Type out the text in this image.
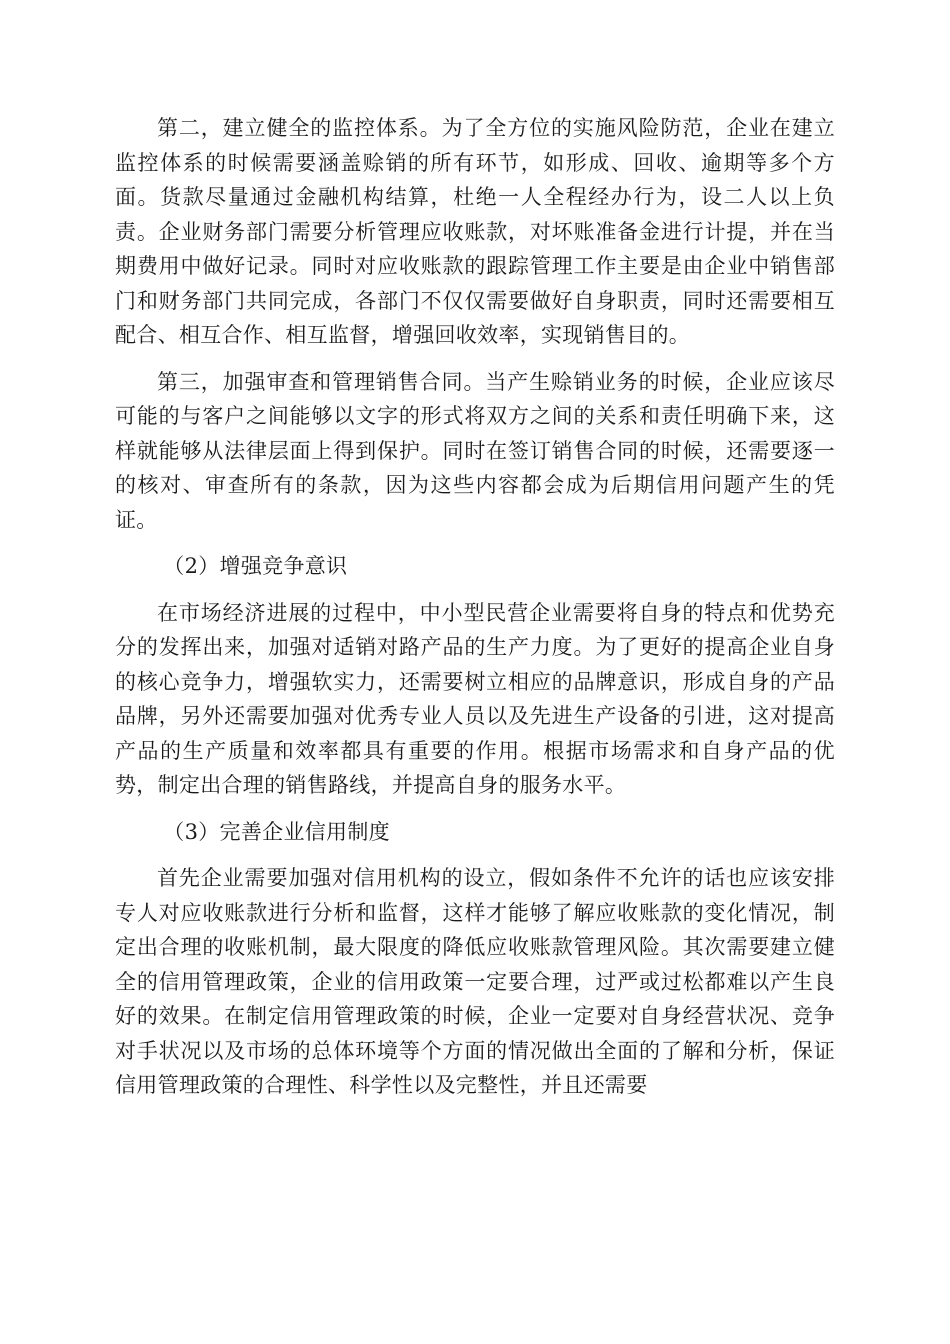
第二，建立健全的监控体系。为了全方位的实施风险防范，企业在建立监控体系的时候需要涵盖赊销的所有环节，如形成、回收、逾期等多个方面。货款尽量通过金融机构结算，杜绝一人全程经办行为，设二人以上负责。企业财务部门需要分析管理应收账款，对坏账准备金进行计提，并在当期费用中做好记录。同时对应收账款的跟踪管理工作主要是由企业中销售部门和财务部门共同完成，各部门不仅仅需要做好自身职责，同时还需要相互配合、相互合作、相互监督，增强回收效率，实现销售目的。

第三，加强审查和管理销售合同。当产生赊销业务的时候，企业应该尽可能的与客户之间能够以文字的形式将双方之间的关系和责任明确下来，这样就能够从法律层面上得到保护。同时在签订销售合同的时候，还需要逐一的核对、审查所有的条款，因为这些内容都会成为后期信用问题产生的凭证。

（2）增强竞争意识

在市场经济进展的过程中，中小型民营企业需要将自身的特点和优势充分的发挥出来，加强对适销对路产品的生产力度。为了更好的提高企业自身的核心竞争力，增强软实力，还需要树立相应的品牌意识，形成自身的产品品牌，另外还需要加强对优秀专业人员以及先进生产设备的引进，这对提高产品的生产质量和效率都具有重要的作用。根据市场需求和自身产品的优势，制定出合理的销售路线，并提高自身的服务水平。

（3）完善企业信用制度

首先企业需要加强对信用机构的设立，假如条件不允许的话也应该安排专人对应收账款进行分析和监督，这样才能够了解应收账款的变化情况，制定出合理的收账机制，最大限度的降低应收账款管理风险。其次需要建立健全的信用管理政策，企业的信用政策一定要合理，过严或过松都难以产生良好的效果。在制定信用管理政策的时候，企业一定要对自身经营状况、竞争对手状况以及市场的总体环境等个方面的情况做出全面的了解和分析，保证信用管理政策的合理性、科学性以及完整性，并且还需要
